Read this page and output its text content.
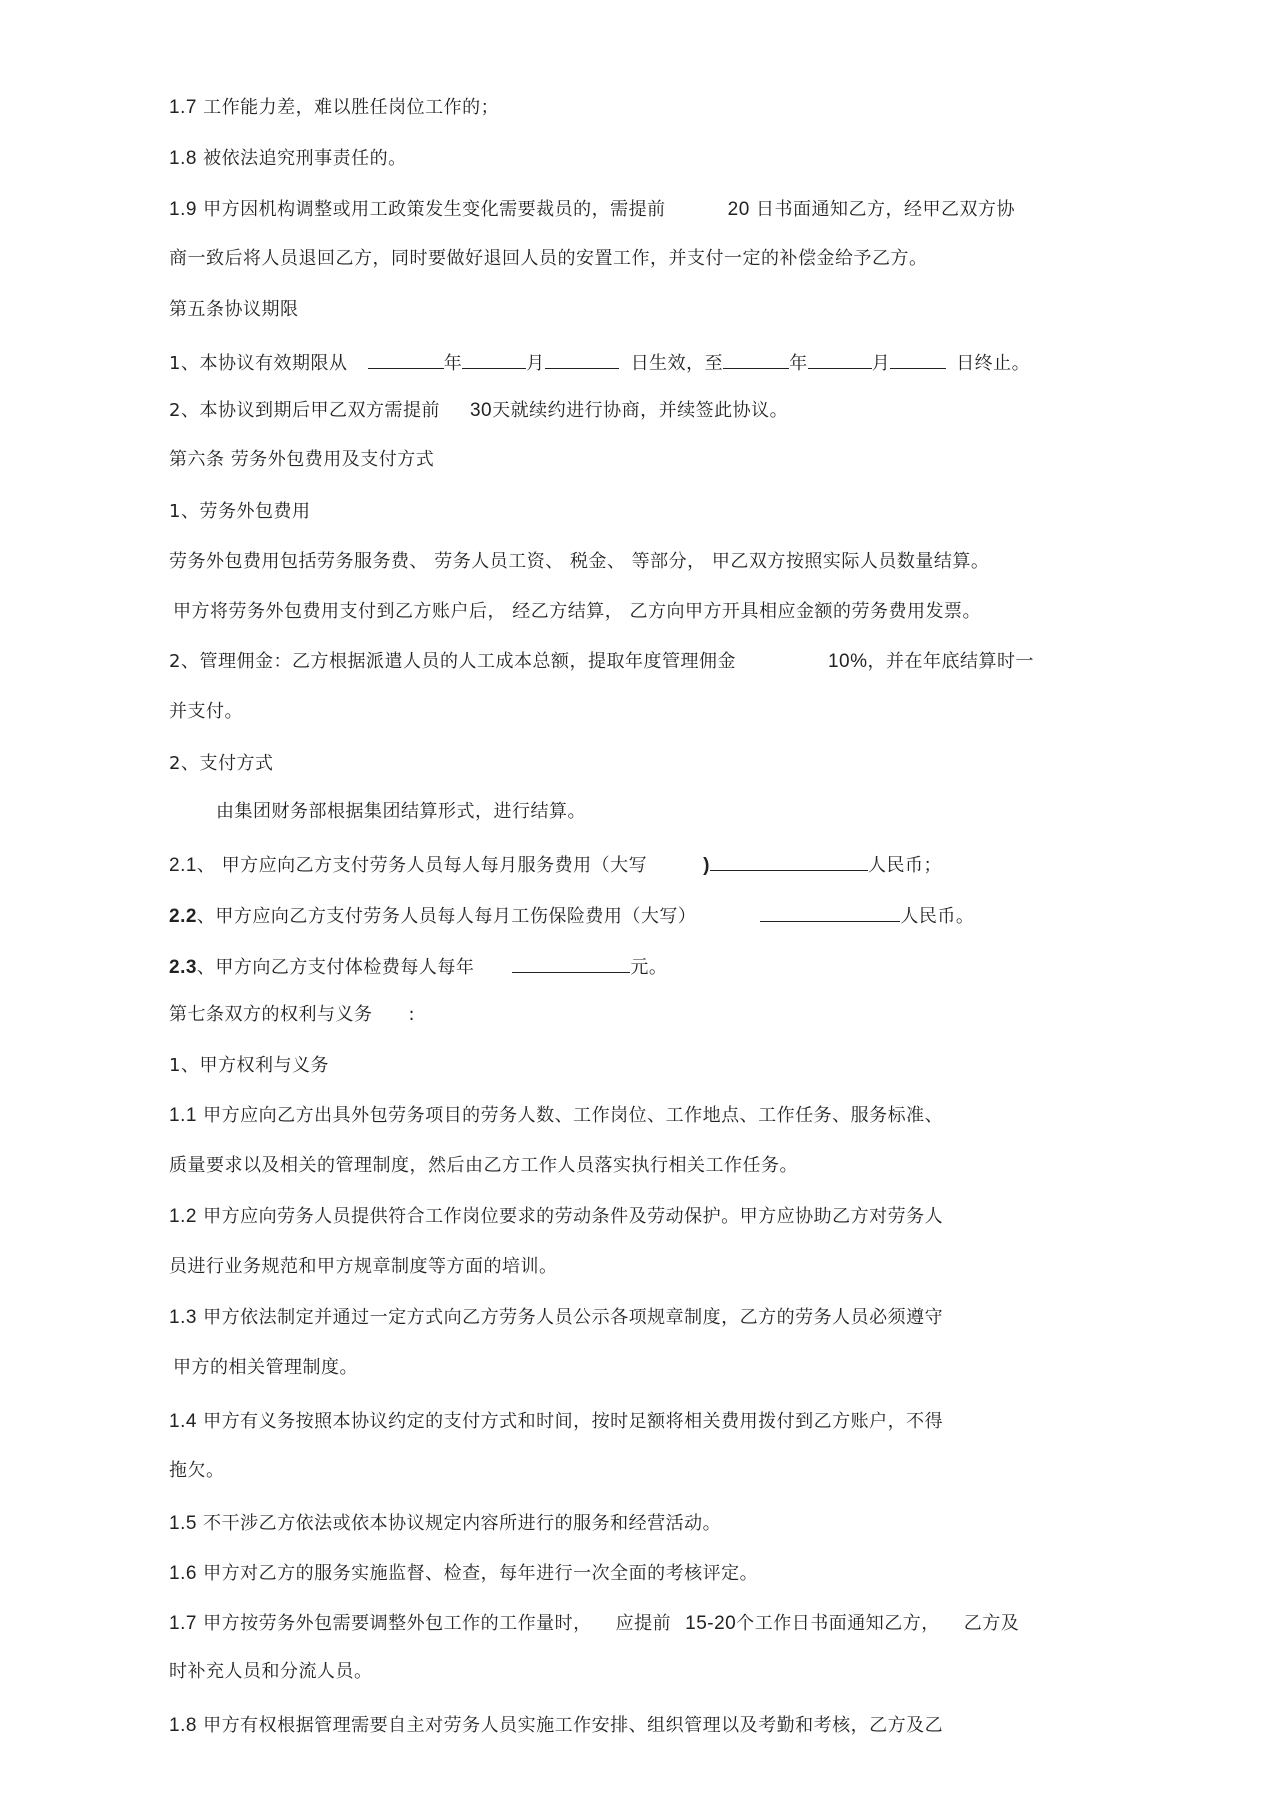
1.7 工作能力差，难以胜任岗位工作的；
1.8 被依法追究刑事责任的。
1.9 甲方因机构调整或用工政策发生变化需要裁员的，需提前	20 日书面通知乙方，经甲乙双方协
商一致后将人员退回乙方，同时要做好退回人员的安置工作，并支付一定的补偿金给予乙方。
第五条协议期限
1、本协议有效期限从	年	月	日生效，至	年	月	日终止。
2、本协议到期后甲乙双方需提前 30天就续约进行协商，并续签此协议。
第六条 劳务外包费用及支付方式
1、劳务外包费用
劳务外包费用包括劳务服务费、 劳务人员工资、 税金、 等部分， 甲乙双方按照实际人员数量结算。
甲方将劳务外包费用支付到乙方账户后， 经乙方结算， 乙方向甲方开具相应金额的劳务费用发票。
2、管理佣金：乙方根据派遣人员的人工成本总额，提取年度管理佣金	10%，并在年底结算时一
并支付。
2、支付方式
由集团财务部根据集团结算形式，进行结算。
2.1、 甲方应向乙方支付劳务人员每人每月服务费用（大写	)	人民币；
2.2、甲方应向乙方支付劳务人员每人每月工伤保险费用（大写）	人民币。
2.3、甲方向乙方支付体检费每人每年	元。
第七条双方的权利与义务 :
1、甲方权利与义务
1.1 甲方应向乙方出具外包劳务项目的劳务人数、工作岗位、工作地点、工作任务、服务标准、
质量要求以及相关的管理制度，然后由乙方工作人员落实执行相关工作任务。
1.2 甲方应向劳务人员提供符合工作岗位要求的劳动条件及劳动保护。甲方应协助乙方对劳务人
员进行业务规范和甲方规章制度等方面的培训。
1.3 甲方依法制定并通过一定方式向乙方劳务人员公示各项规章制度，乙方的劳务人员必须遵守
甲方的相关管理制度。
1.4 甲方有义务按照本协议约定的支付方式和时间，按时足额将相关费用拨付到乙方账户，不得
拖欠。
1.5 不干涉乙方依法或依本协议规定内容所进行的服务和经营活动。
1.6 甲方对乙方的服务实施监督、检查，每年进行一次全面的考核评定。
1.7 甲方按劳务外包需要调整外包工作的工作量时， 应提前 15-20个工作日书面通知乙方， 乙方及
时补充人员和分流人员。
1.8 甲方有权根据管理需要自主对劳务人员实施工作安排、组织管理以及考勤和考核，乙方及乙
